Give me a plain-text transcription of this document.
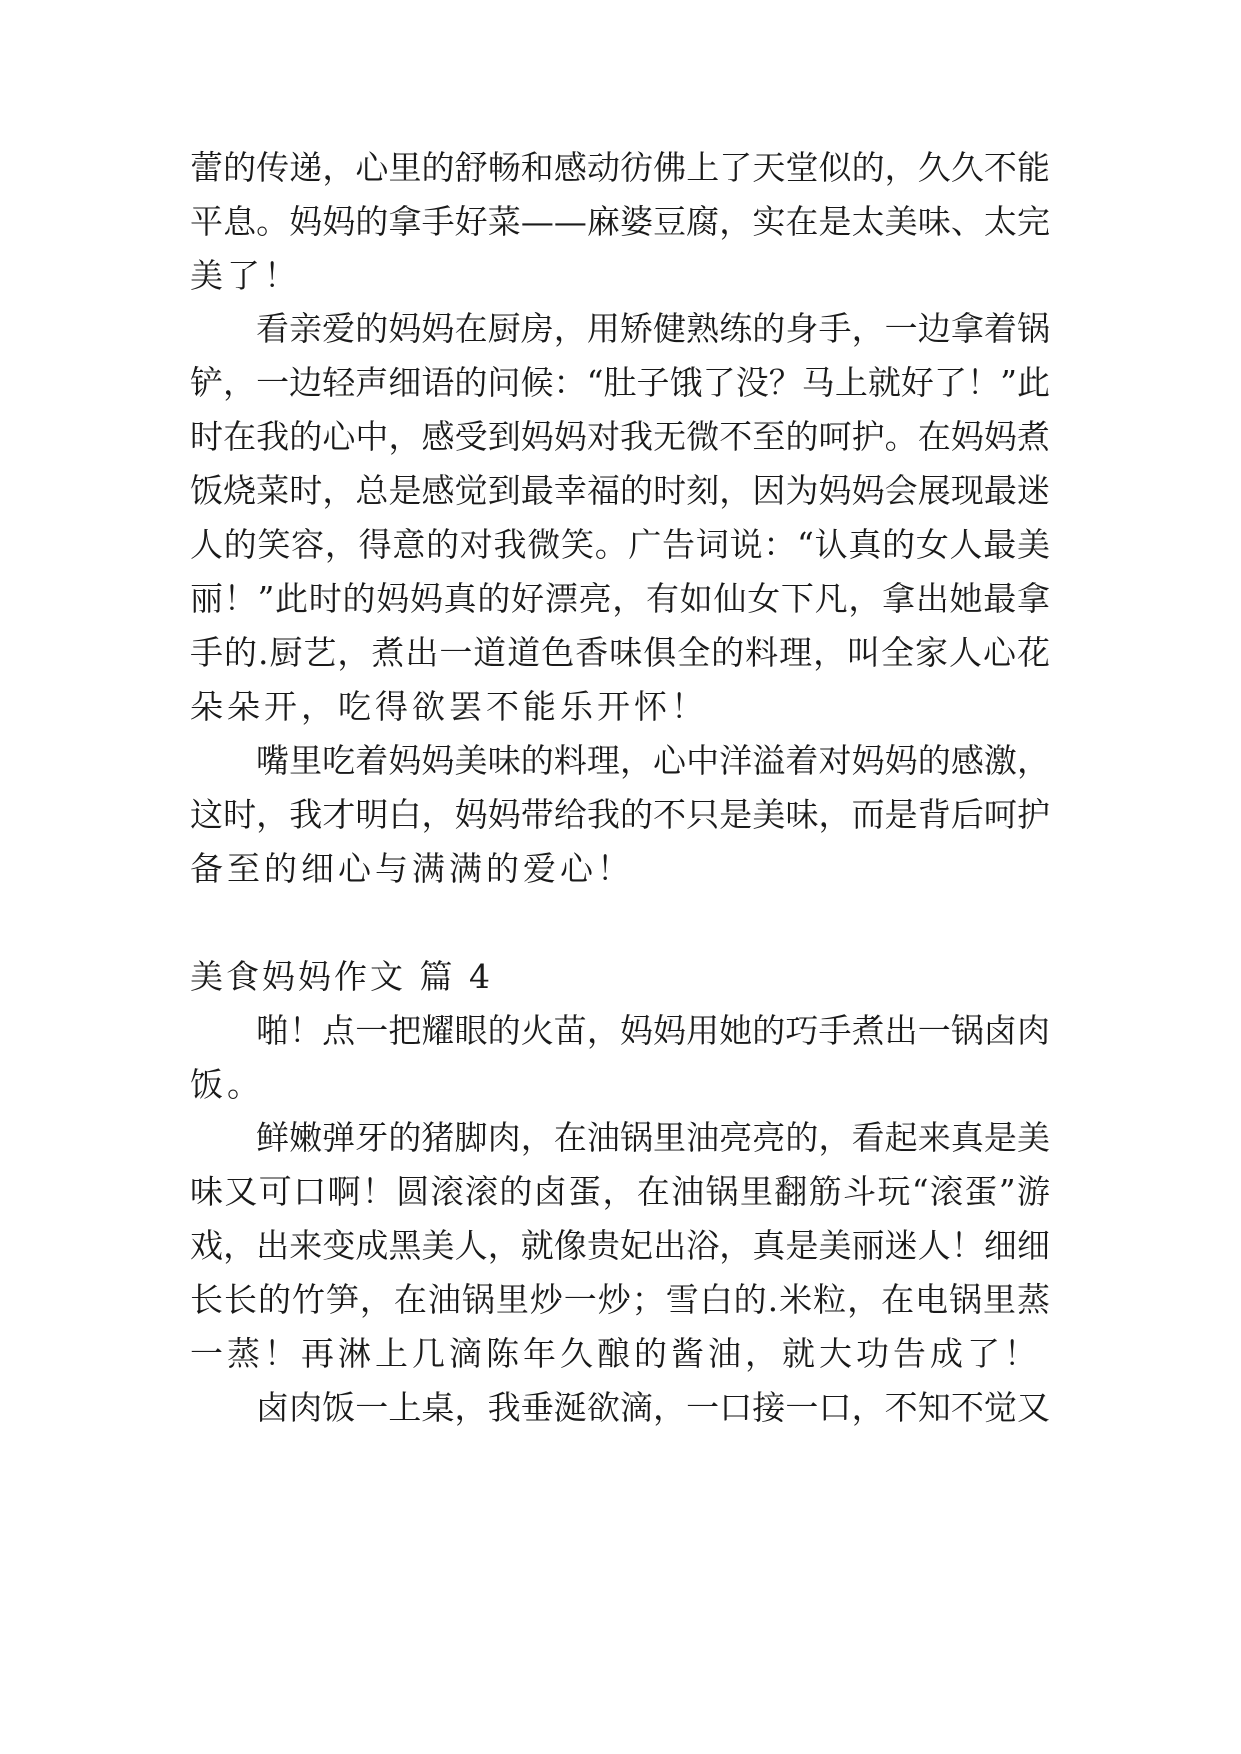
蕾的传递，心里的舒畅和感动彷佛上了天堂似的，久久不能
平息。妈妈的拿手好菜——麻婆豆腐，实在是太美味、太完
美了！
看亲爱的妈妈在厨房，用矫健熟练的身手，一边拿着锅
铲，一边轻声细语的问候：“肚子饿了没？马上就好了！”此
时在我的心中，感受到妈妈对我无微不至的呵护。在妈妈煮
饭烧菜时，总是感觉到最幸福的时刻，因为妈妈会展现最迷
人的笑容，得意的对我微笑。广告词说：“认真的女人最美
丽！”此时的妈妈真的好漂亮，有如仙女下凡，拿出她最拿
手的.厨艺，煮出一道道色香味俱全的料理，叫全家人心花
朵朵开，吃得欲罢不能乐开怀！
嘴里吃着妈妈美味的料理，心中洋溢着对妈妈的感激，
这时，我才明白，妈妈带给我的不只是美味，而是背后呵护
备至的细心与满满的爱心！
美食妈妈作文 篇 4
啪！点一把耀眼的火苗，妈妈用她的巧手煮出一锅卤肉
饭。
鲜嫩弹牙的猪脚肉，在油锅里油亮亮的，看起来真是美
味又可口啊！圆滚滚的卤蛋，在油锅里翻筋斗玩“滚蛋”游
戏，出来变成黑美人，就像贵妃出浴，真是美丽迷人！细细
长长的竹笋，在油锅里炒一炒；雪白的.米粒，在电锅里蒸
一蒸！再淋上几滴陈年久酿的酱油，就大功告成了！
卤肉饭一上桌，我垂涎欲滴，一口接一口，不知不觉又
